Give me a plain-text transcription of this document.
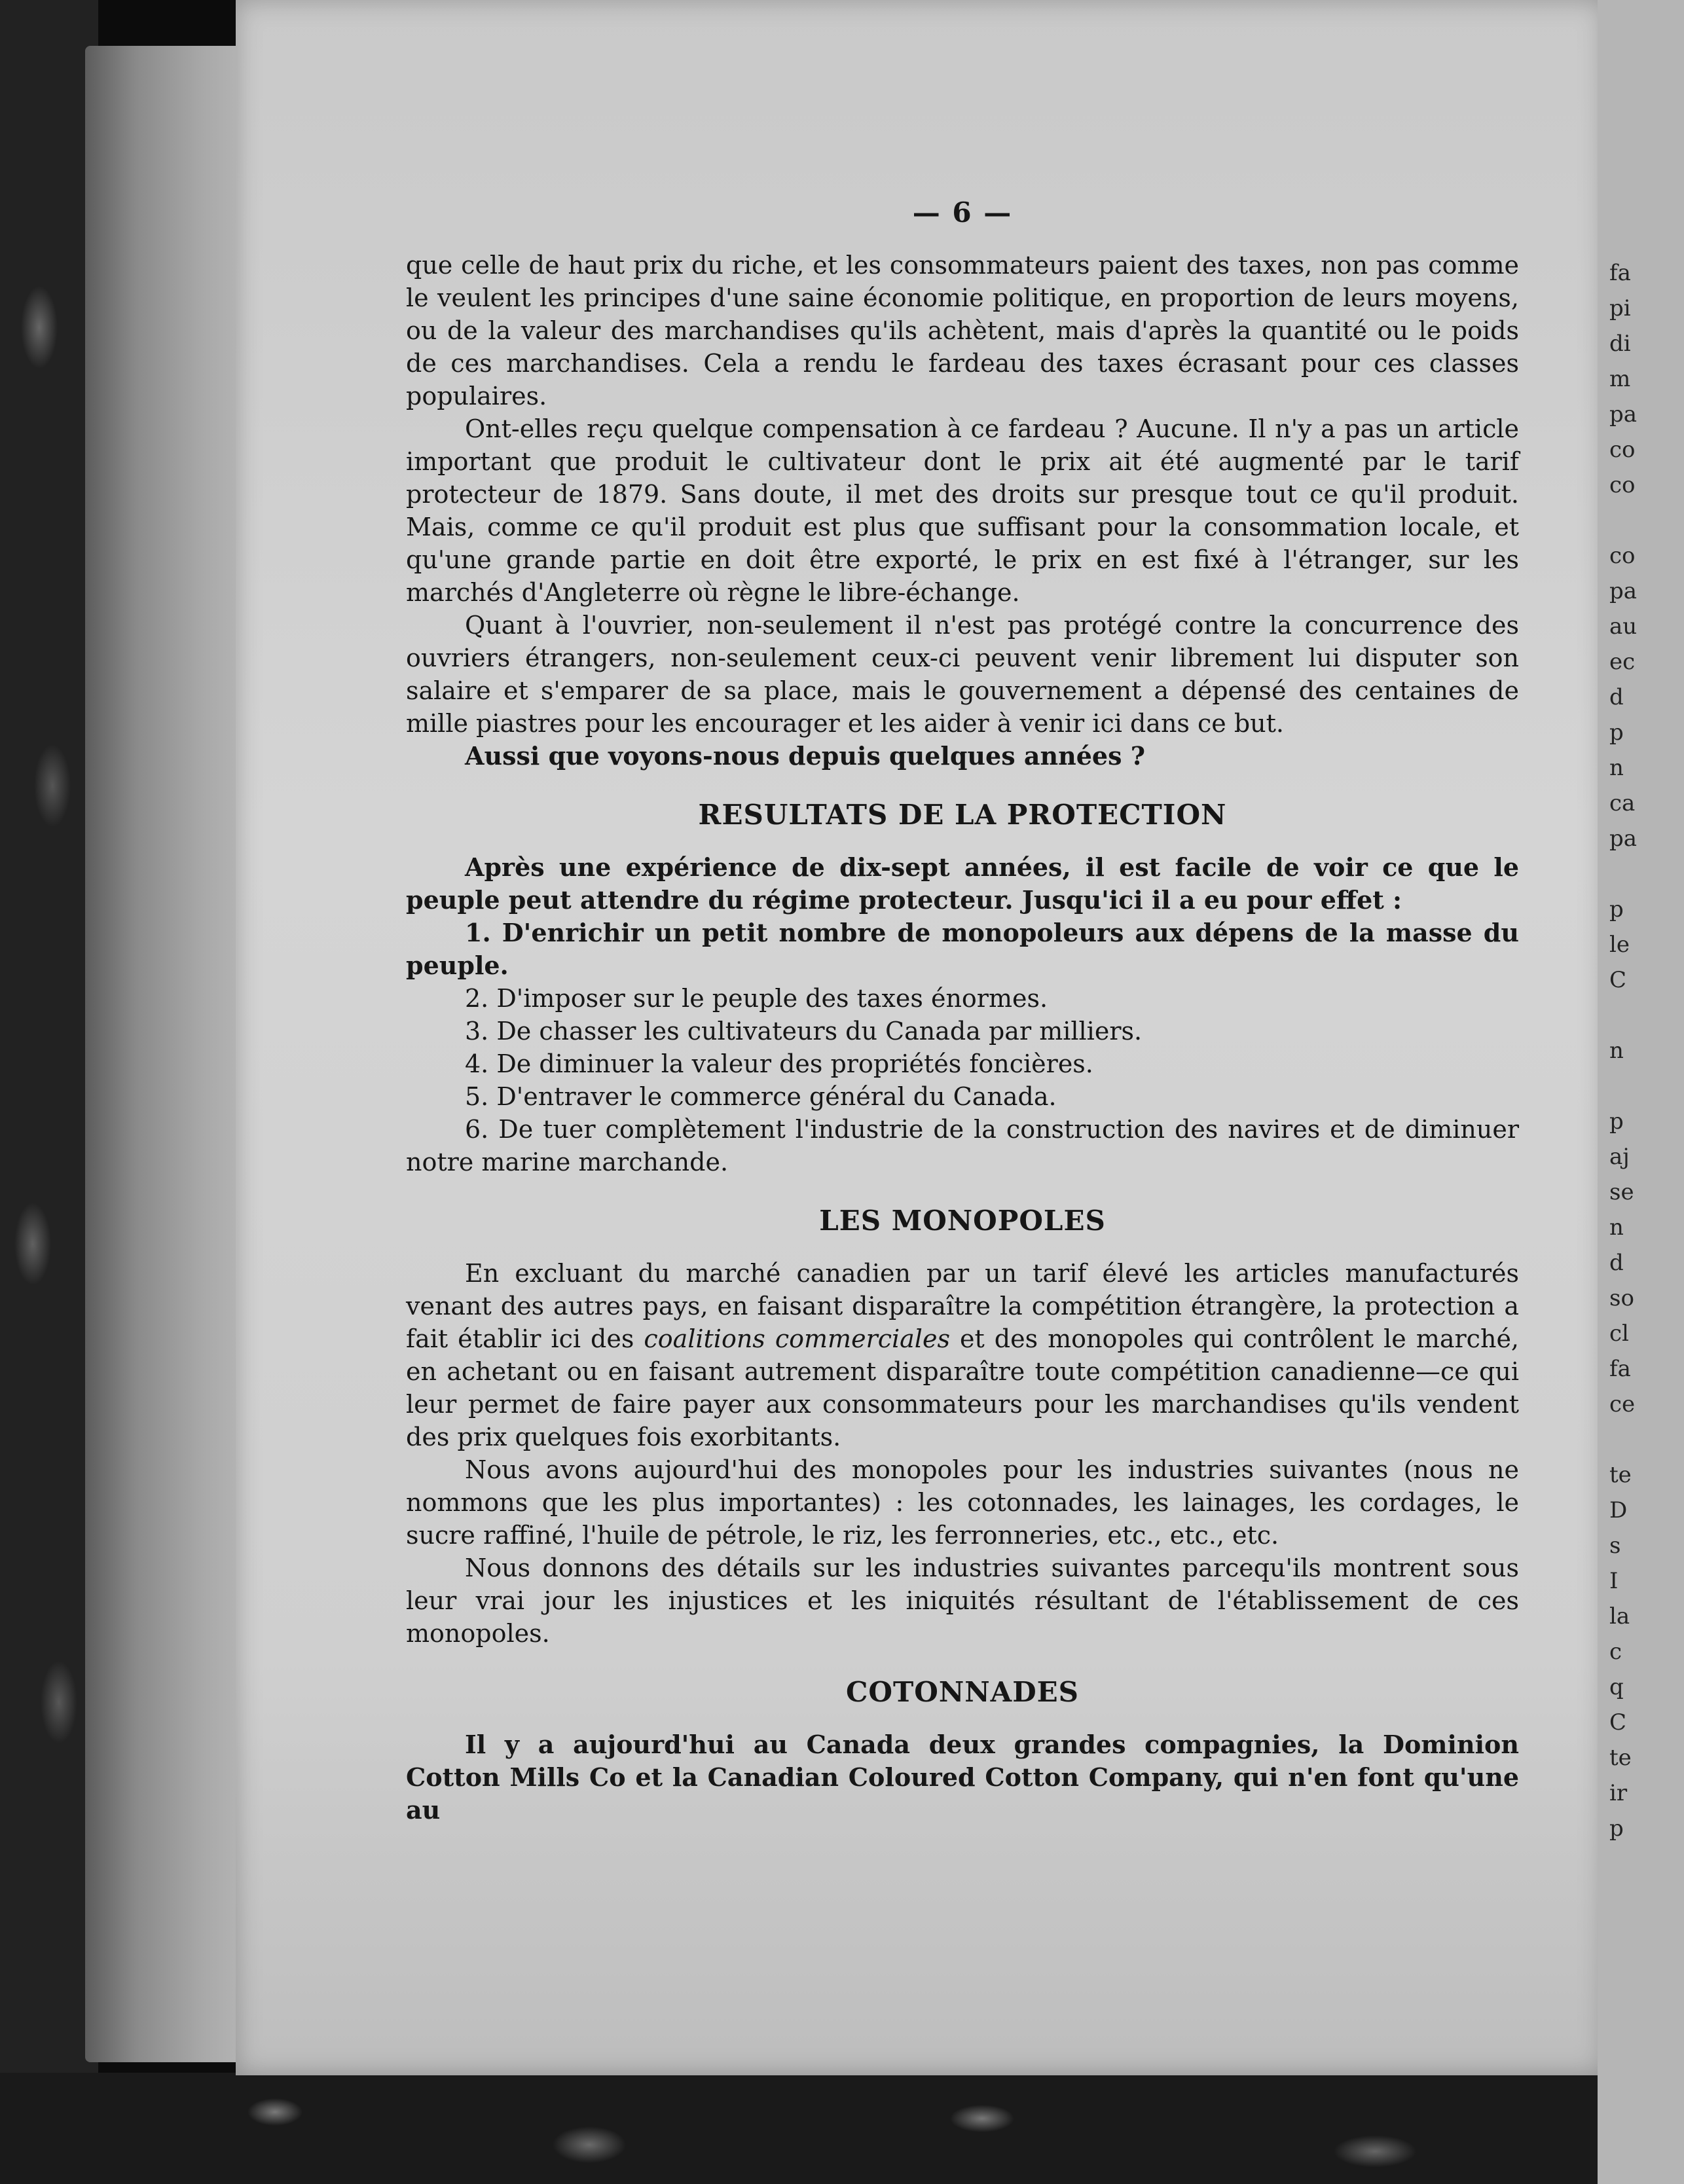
fa
pi
di
m
pa
co
co
co
pa
au
ec
d
p
n
ca
pa
p
le
C
n
p
aj
se
n
d
so
cl
fa
ce
te
D
s
I
la
c
q
C
te
ir
p
— 6 —

que celle de haut prix du riche, et les consommateurs paient des taxes, non pas comme le veulent les principes d'une saine économie politique, en proportion de leurs moyens, ou de la valeur des marchandises qu'ils achètent, mais d'après la quantité ou le poids de ces marchandises. Cela a rendu le fardeau des taxes écrasant pour ces classes populaires.

Ont-elles reçu quelque compensation à ce fardeau ? Aucune. Il n'y a pas un article important que produit le cultivateur dont le prix ait été augmenté par le tarif protecteur de 1879. Sans doute, il met des droits sur presque tout ce qu'il produit. Mais, comme ce qu'il produit est plus que suffisant pour la consommation locale, et qu'une grande partie en doit être exporté, le prix en est fixé à l'étranger, sur les marchés d'Angleterre où règne le libre-échange.

Quant à l'ouvrier, non-seulement il n'est pas protégé contre la concurrence des ouvriers étrangers, non-seulement ceux-ci peuvent venir librement lui disputer son salaire et s'emparer de sa place, mais le gouvernement a dépensé des centaines de mille piastres pour les encourager et les aider à venir ici dans ce but.

Aussi que voyons-nous depuis quelques années ?

RESULTATS DE LA PROTECTION

Après une expérience de dix-sept années, il est facile de voir ce que le peuple peut attendre du régime protecteur. Jusqu'ici il a eu pour effet :

1. D'enrichir un petit nombre de monopoleurs aux dépens de la masse du peuple.
2. D'imposer sur le peuple des taxes énormes.
3. De chasser les cultivateurs du Canada par milliers.
4. De diminuer la valeur des propriétés foncières.
5. D'entraver le commerce général du Canada.
6. De tuer complètement l'industrie de la construction des navires et de diminuer notre marine marchande.
LES MONOPOLES

En excluant du marché canadien par un tarif élevé les articles manufacturés venant des autres pays, en faisant disparaître la compétition étrangère, la protection a fait établir ici des coalitions commerciales et des monopoles qui contrôlent le marché, en achetant ou en faisant autrement disparaître toute compétition canadienne—ce qui leur permet de faire payer aux consommateurs pour les marchandises qu'ils vendent des prix quelques fois exorbitants.

Nous avons aujourd'hui des monopoles pour les industries suivantes (nous ne nommons que les plus importantes) : les cotonnades, les lainages, les cordages, le sucre raffiné, l'huile de pétrole, le riz, les ferronneries, etc., etc., etc.

Nous donnons des détails sur les industries suivantes parcequ'ils montrent sous leur vrai jour les injustices et les iniquités résultant de l'établissement de ces monopoles.

COTONNADES

Il y a aujourd'hui au Canada deux grandes compagnies, la Dominion Cotton Mills Co et la Canadian Coloured Cotton Company, qui n'en font qu'une au
